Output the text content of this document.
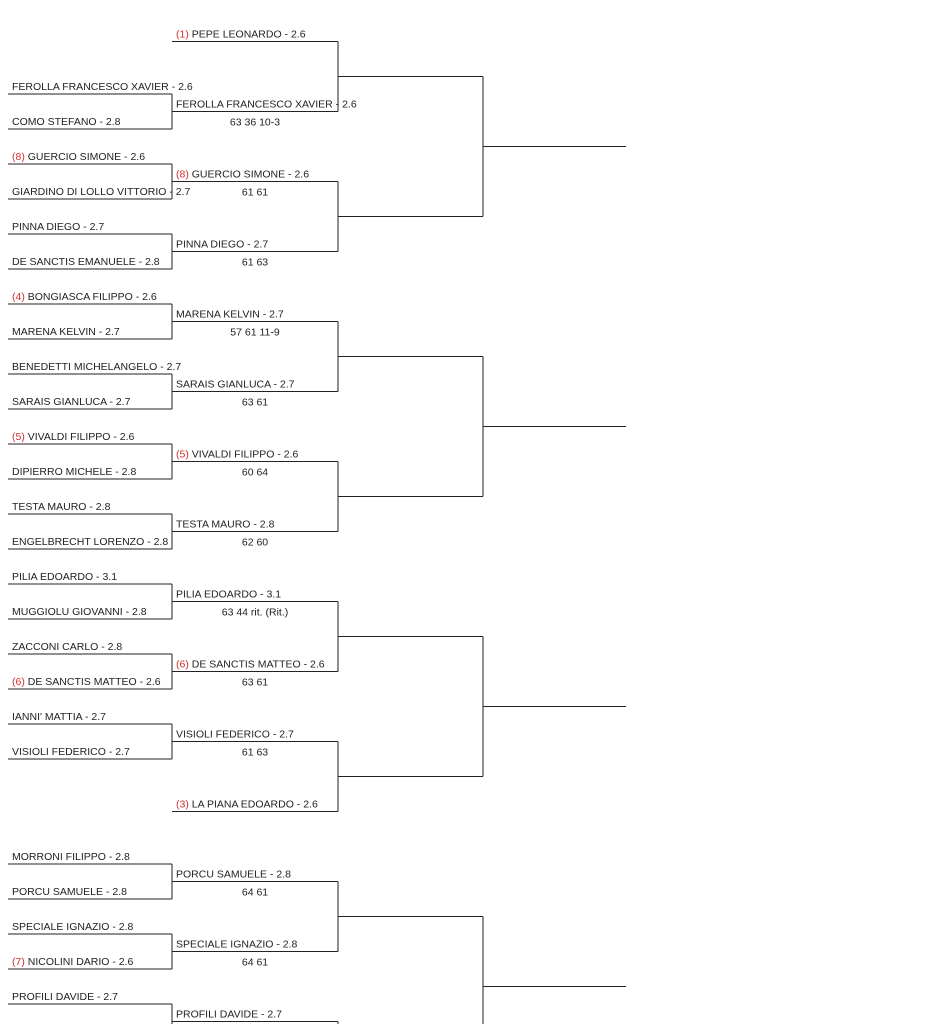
FEROLLA FRANCESCO XAVIER - 2.6
COMO STEFANO - 2.8
(8) GUERCIO SIMONE - 2.6
GIARDINO DI LOLLO VITTORIO - 2.7
PINNA DIEGO - 2.7
DE SANCTIS EMANUELE - 2.8
(4) BONGIASCA FILIPPO - 2.6
MARENA KELVIN - 2.7
BENEDETTI MICHELANGELO - 2.7
SARAIS GIANLUCA - 2.7
(5) VIVALDI FILIPPO - 2.6
DIPIERRO MICHELE - 2.8
TESTA MAURO - 2.8
ENGELBRECHT LORENZO - 2.8
PILIA EDOARDO - 3.1
MUGGIOLU GIOVANNI - 2.8
ZACCONI CARLO - 2.8
(6) DE SANCTIS MATTEO - 2.6
IANNI' MATTIA - 2.7
VISIOLI FEDERICO - 2.7
MORRONI FILIPPO - 2.8
PORCU SAMUELE - 2.8
SPECIALE IGNAZIO - 2.8
(7) NICOLINI DARIO - 2.6
PROFILI DAVIDE - 2.7
(1) PEPE LEONARDO - 2.6
FEROLLA FRANCESCO XAVIER - 2.6
63 36 10-3
(8) GUERCIO SIMONE - 2.6
61 61
PINNA DIEGO - 2.7
61 63
MARENA KELVIN - 2.7
57 61 11-9
SARAIS GIANLUCA - 2.7
63 61
(5) VIVALDI FILIPPO - 2.6
60 64
TESTA MAURO - 2.8
62 60
PILIA EDOARDO - 3.1
63 44 rit. (Rit.)
(6) DE SANCTIS MATTEO - 2.6
63 61
VISIOLI FEDERICO - 2.7
61 63
(3) LA PIANA EDOARDO - 2.6
PORCU SAMUELE - 2.8
64 61
SPECIALE IGNAZIO - 2.8
64 61
PROFILI DAVIDE - 2.7
